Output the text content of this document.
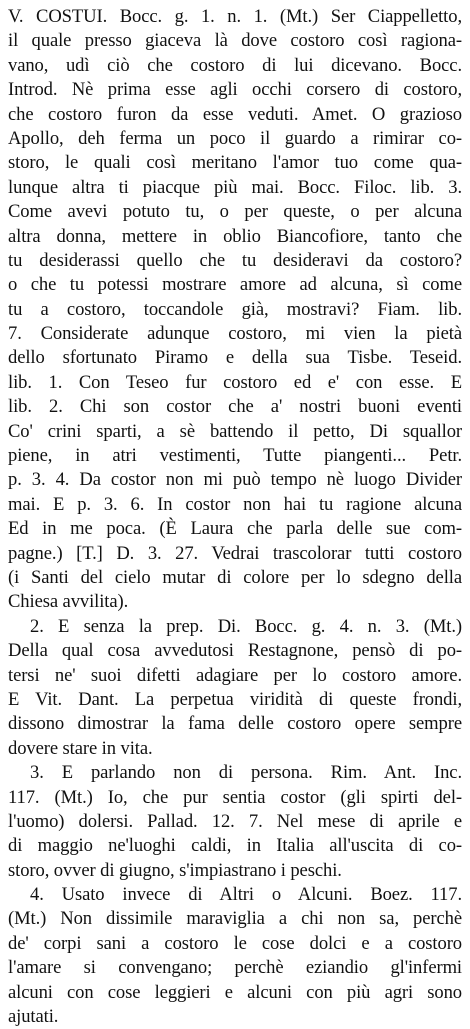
V. COSTUI. Bocc. g. 1. n. 1. (Mt.) Ser Ciappelletto,
il quale presso giaceva là dove costoro così ragiona-
vano, udì ciò che costoro di lui dicevano. Bocc.
Introd. Nè prima esse agli occhi corsero di costoro,
che costoro furon da esse veduti. Amet. O grazioso
Apollo, deh ferma un poco il guardo a rimirar co-
storo, le quali così meritano l'amor tuo come qua-
lunque altra ti piacque più mai. Bocc. Filoc. lib. 3.
Come avevi potuto tu, o per queste, o per alcuna
altra donna, mettere in oblio Biancofiore, tanto che
tu desiderassi quello che tu desideravi da costoro?
o che tu potessi mostrare amore ad alcuna, sì come
tu a costoro, toccandole già, mostravi? Fiam. lib.
7. Considerate adunque costoro, mi vien la pietà
dello sfortunato Piramo e della sua Tisbe. Teseid.
lib. 1. Con Teseo fur costoro ed e' con esse. E
lib. 2. Chi son costor che a' nostri buoni eventi
Co' crini sparti, a sè battendo il petto, Di squallor
piene, in atri vestimenti, Tutte piangenti... Petr.
p. 3. 4. Da costor non mi può tempo nè luogo Divider
mai. E p. 3. 6. In costor non hai tu ragione alcuna
Ed in me poca. (È Laura che parla delle sue com-
pagne.) [T.] D. 3. 27. Vedrai trascolorar tutti costoro
(i Santi del cielo mutar di colore per lo sdegno della
Chiesa avvilita).
2. E senza la prep. Di. Bocc. g. 4. n. 3. (Mt.)
Della qual cosa avvedutosi Restagnone, pensò di po-
tersi ne' suoi difetti adagiare per lo costoro amore.
E Vit. Dant. La perpetua viridità di queste frondi,
dissono dimostrar la fama delle costoro opere sempre
dovere stare in vita.
3. E parlando non di persona. Rim. Ant. Inc.
117. (Mt.) Io, che pur sentia costor (gli spirti del-
l'uomo) dolersi. Pallad. 12. 7. Nel mese di aprile e
di maggio ne'luoghi caldi, in Italia all'uscita di co-
storo, ovver di giugno, s'impiastrano i peschi.
4. Usato invece di Altri o Alcuni. Boez. 117.
(Mt.) Non dissimile maraviglia a chi non sa, perchè
de' corpi sani a costoro le cose dolci e a costoro
l'amare si convengano; perchè eziandio gl'infermi
alcuni con cose leggieri e alcuni con più agri sono
ajutati.
